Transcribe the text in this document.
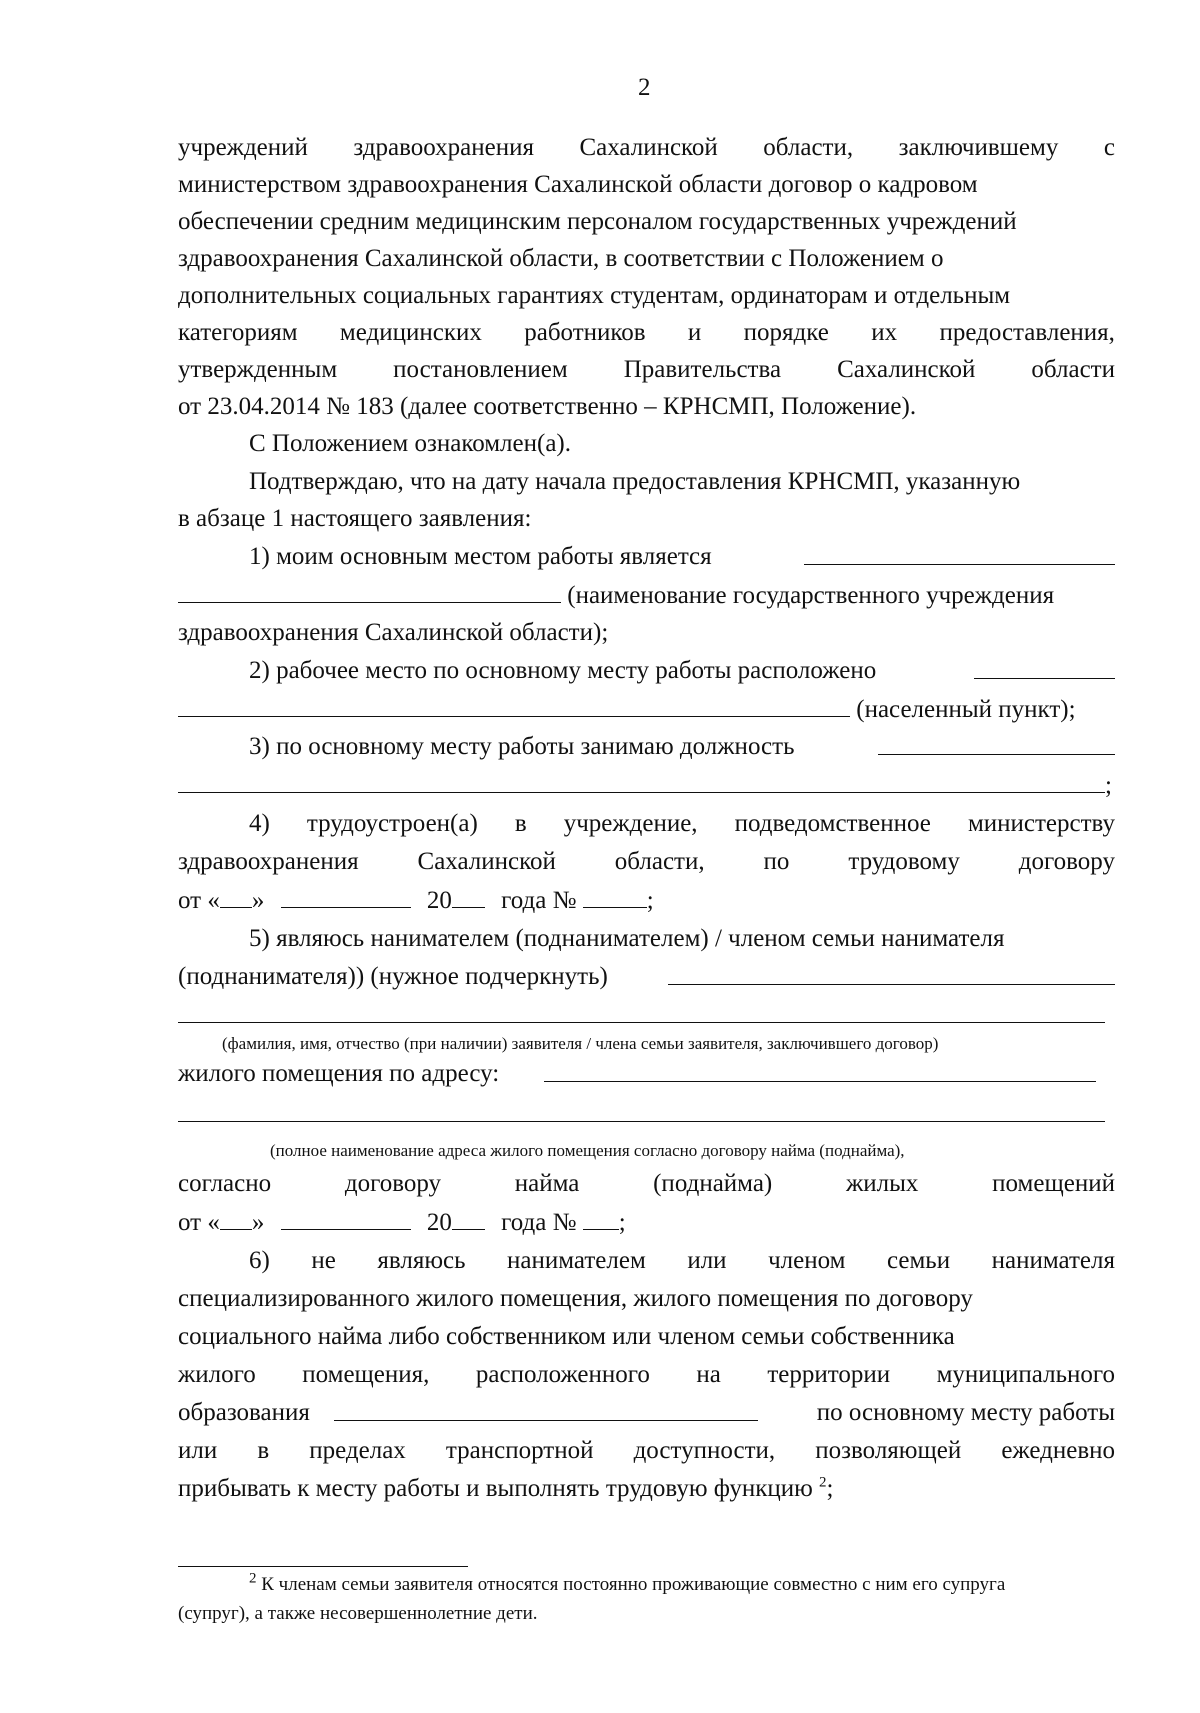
2
учреждений здравоохранения Сахалинской области, заключившему с
министерством здравоохранения Сахалинской области договор о кадровом
обеспечении средним медицинским персоналом государственных учреждений
здравоохранения Сахалинской области, в соответствии с Положением о
дополнительных социальных гарантиях студентам, ординаторам и отдельным
категориям медицинских работников и порядке их предоставления,
утвержденным постановлением Правительства Сахалинской области
от 23.04.2014 № 183 (далее соответственно – КРНСМП, Положение).
С Положением ознакомлен(а).
Подтверждаю, что на дату начала предоставления КРНСМП, указанную
в абзаце 1 настоящего заявления:
1) моим основным местом работы является
(наименование государственного учреждения
здравоохранения Сахалинской области);
2) рабочее место по основному месту работы расположено
(населенный пункт);
3) по основному месту работы занимаю должность
;
4) трудоустроен(а) в учреждение, подведомственное министерству
здравоохранения Сахалинской области, по трудовому договору
от « »	20 года №	;
5) являюсь нанимателем (поднанимателем) / членом семьи нанимателя
(поднанимателя)) (нужное подчеркнуть)
(фамилия, имя, отчество (при наличии) заявителя / члена семьи заявителя, заключившего договор)
жилого помещения по адресу:
(полное наименование адреса жилого помещения согласно договору найма (поднайма),
согласно	договору	найма	(поднайма)	жилых	помещений
от « »	20 года № ;
6) не являюсь нанимателем или членом семьи нанимателя
специализированного жилого помещения, жилого помещения по договору
социального найма либо собственником или членом семьи собственника
жилого помещения, расположенного на территории муниципального
образования	по основному месту работы
или в пределах транспортной доступности, позволяющей ежедневно
прибывать к месту работы и выполнять трудовую функцию $^2$;
$^2$ К членам семьи заявителя относятся постоянно проживающие совместно с ним его супруга
(супруг), а также несовершеннолетние дети.
